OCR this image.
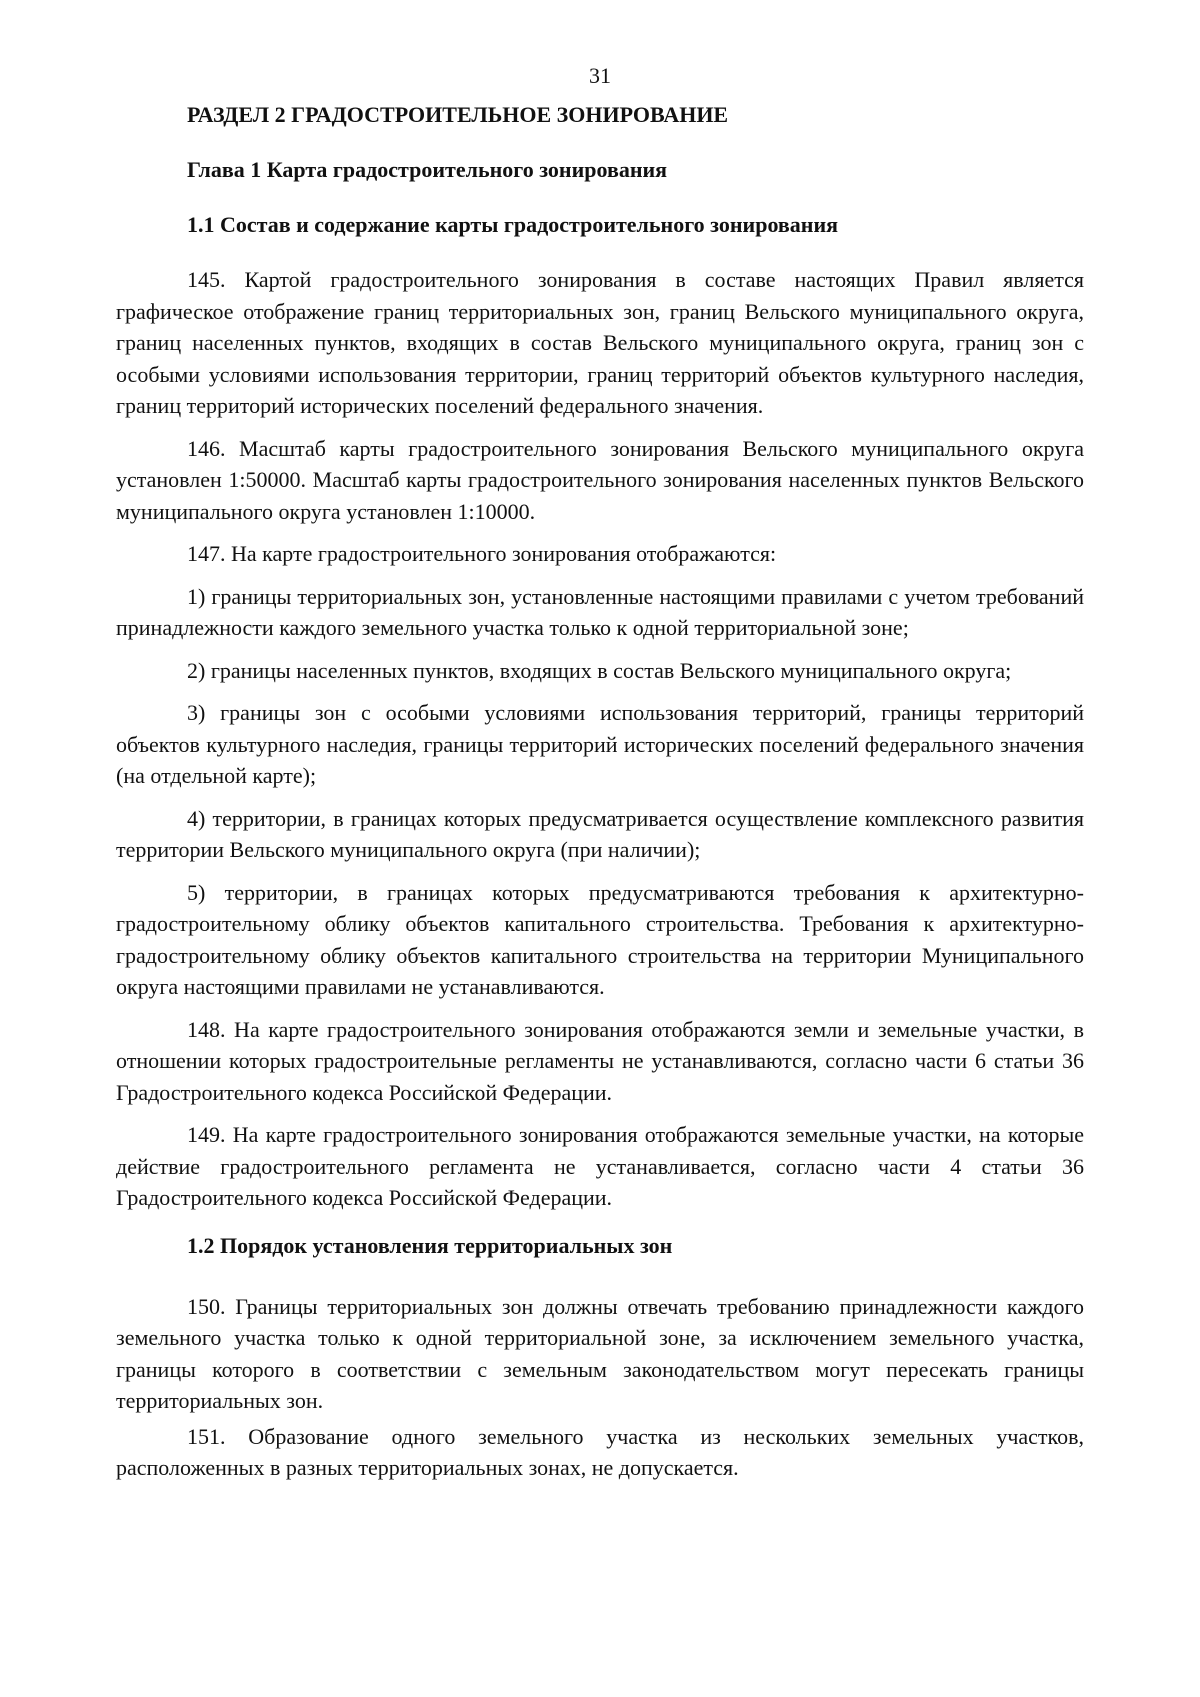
31
РАЗДЕЛ 2 ГРАДОСТРОИТЕЛЬНОЕ ЗОНИРОВАНИЕ
Глава 1 Карта градостроительного зонирования
1.1 Состав и содержание карты градостроительного зонирования

145. Картой градостроительного зонирования в составе настоящих Правил является графическое отображение границ территориальных зон, границ Вельского муниципального округа, границ населенных пунктов, входящих в состав Вельского муниципального округа, границ зон с особыми условиями использования территории, границ территорий объектов культурного наследия, границ территорий исторических поселений федерального значения.

146. Масштаб карты градостроительного зонирования Вельского муниципального округа установлен 1:50000. Масштаб карты градостроительного зонирования населенных пунктов Вельского муниципального округа установлен 1:10000.

147. На карте градостроительного зонирования отображаются:

1) границы территориальных зон, установленные настоящими правилами с учетом требований принадлежности каждого земельного участка только к одной территориальной зоне;

2) границы населенных пунктов, входящих в состав Вельского муниципального округа;

3) границы зон с особыми условиями использования территорий, границы территорий объектов культурного наследия, границы территорий исторических поселений федерального значения (на отдельной карте);

4) территории, в границах которых предусматривается осуществление комплексного развития территории Вельского муниципального округа (при наличии);

5) территории, в границах которых предусматриваются требования к архитектурно-градостроительному облику объектов капитального строительства. Требования к архитектурно-градостроительному облику объектов капитального строительства на территории Муниципального округа настоящими правилами не устанавливаются.

148. На карте градостроительного зонирования отображаются земли и земельные участки, в отношении которых градостроительные регламенты не устанавливаются, согласно части 6 статьи 36 Градостроительного кодекса Российской Федерации.

149. На карте градостроительного зонирования отображаются земельные участки, на которые действие градостроительного регламента не устанавливается, согласно части 4 статьи 36 Градостроительного кодекса Российской Федерации.

1.2 Порядок установления территориальных зон

150. Границы территориальных зон должны отвечать требованию принадлежности каждого земельного участка только к одной территориальной зоне, за исключением земельного участка, границы которого в соответствии с земельным законодательством могут пересекать границы территориальных зон.

151. Образование одного земельного участка из нескольких земельных участков, расположенных в разных территориальных зонах, не допускается.
